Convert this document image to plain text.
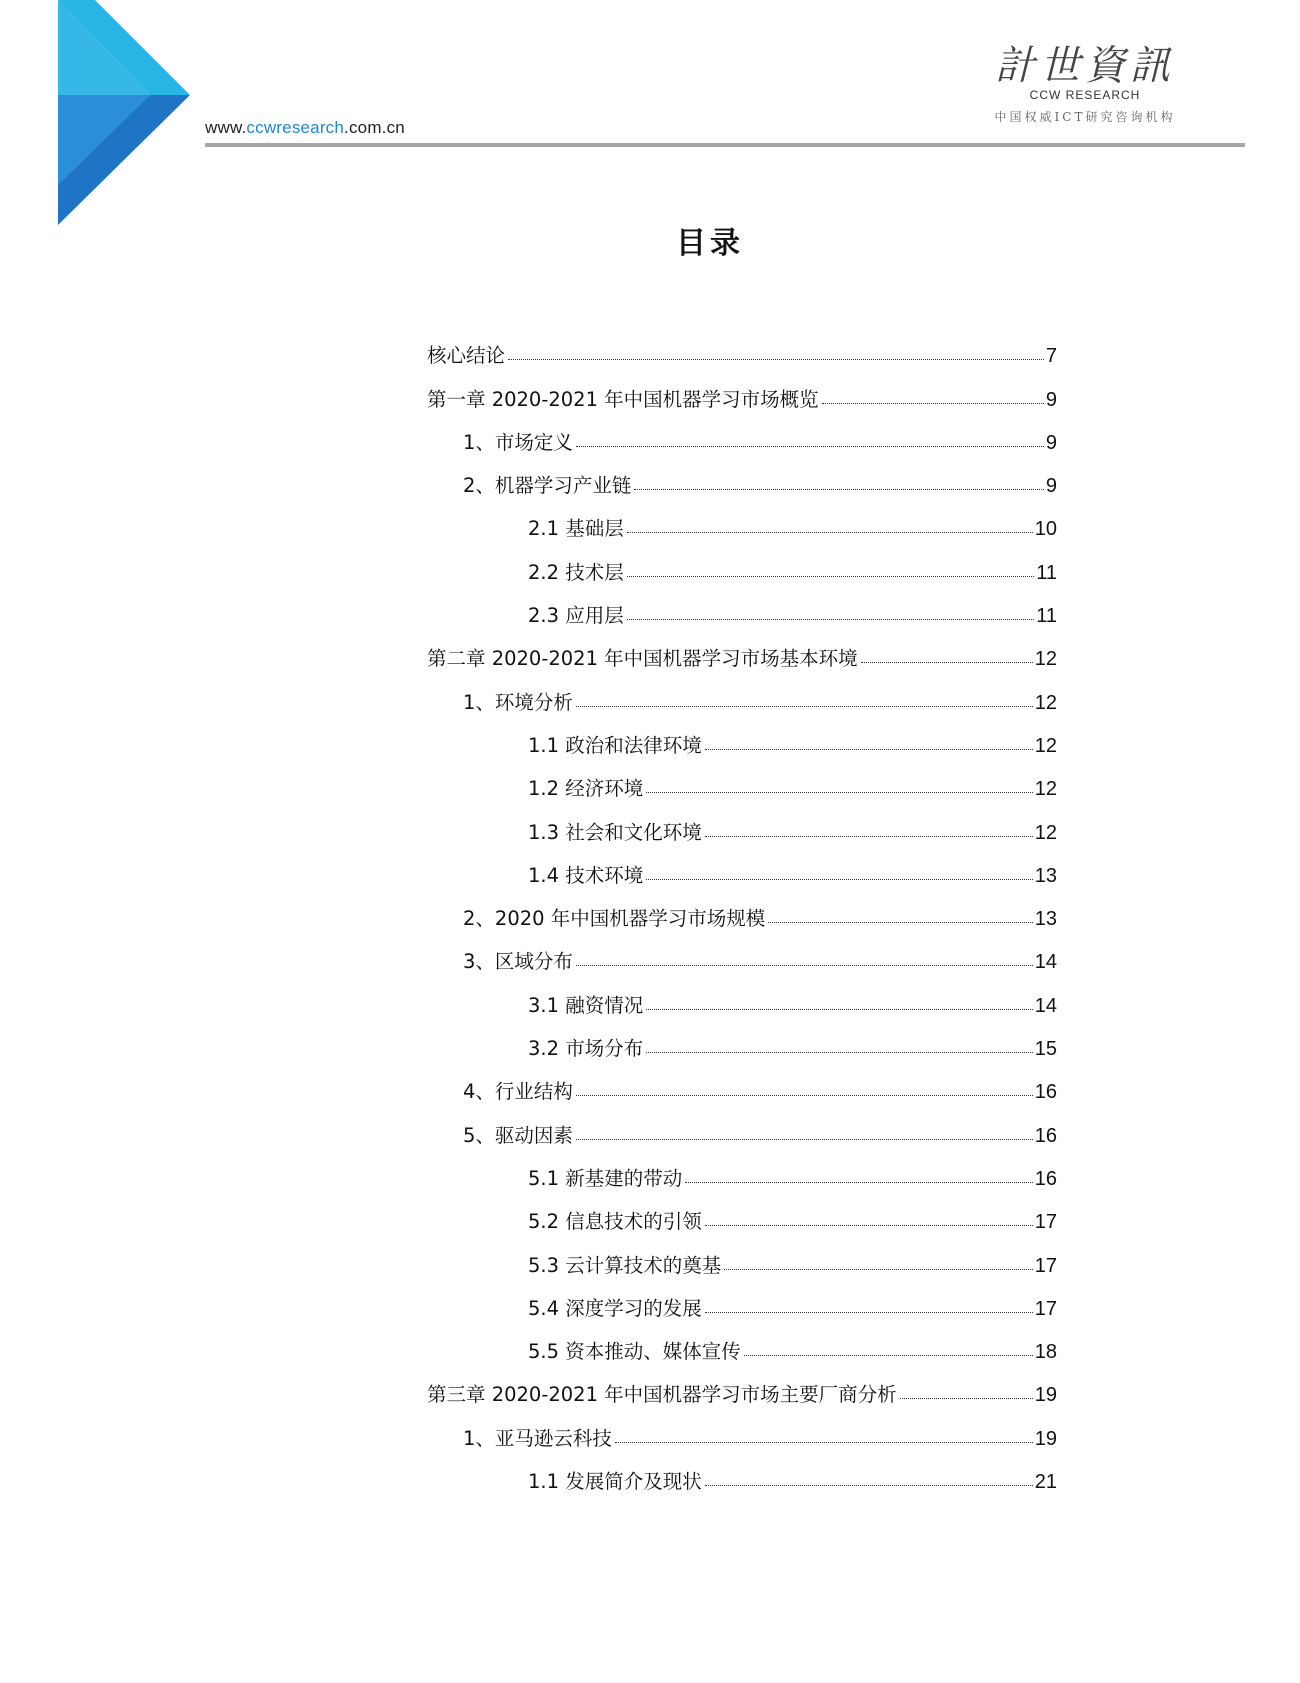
www.ccwresearch.com.cn
計世資訊
CCW RESEARCH
中国权威ICT研究咨询机构
目录
核心结论	7
第一章 2020-2021 年中国机器学习市场概览	9
1、市场定义	9
2、机器学习产业链	9
2.1 基础层	10
2.2 技术层	11
2.3 应用层	11
第二章 2020-2021 年中国机器学习市场基本环境	12
1、环境分析	12
1.1 政治和法律环境	12
1.2 经济环境	12
1.3 社会和文化环境	12
1.4 技术环境	13
2、2020 年中国机器学习市场规模	13
3、区域分布	14
3.1 融资情况	14
3.2 市场分布	15
4、行业结构	16
5、驱动因素	16
5.1 新基建的带动	16
5.2 信息技术的引领	17
5.3 云计算技术的奠基	17
5.4 深度学习的发展	17
5.5 资本推动、媒体宣传	18
第三章 2020-2021 年中国机器学习市场主要厂商分析	19
1、亚马逊云科技	19
1.1 发展简介及现状	21
